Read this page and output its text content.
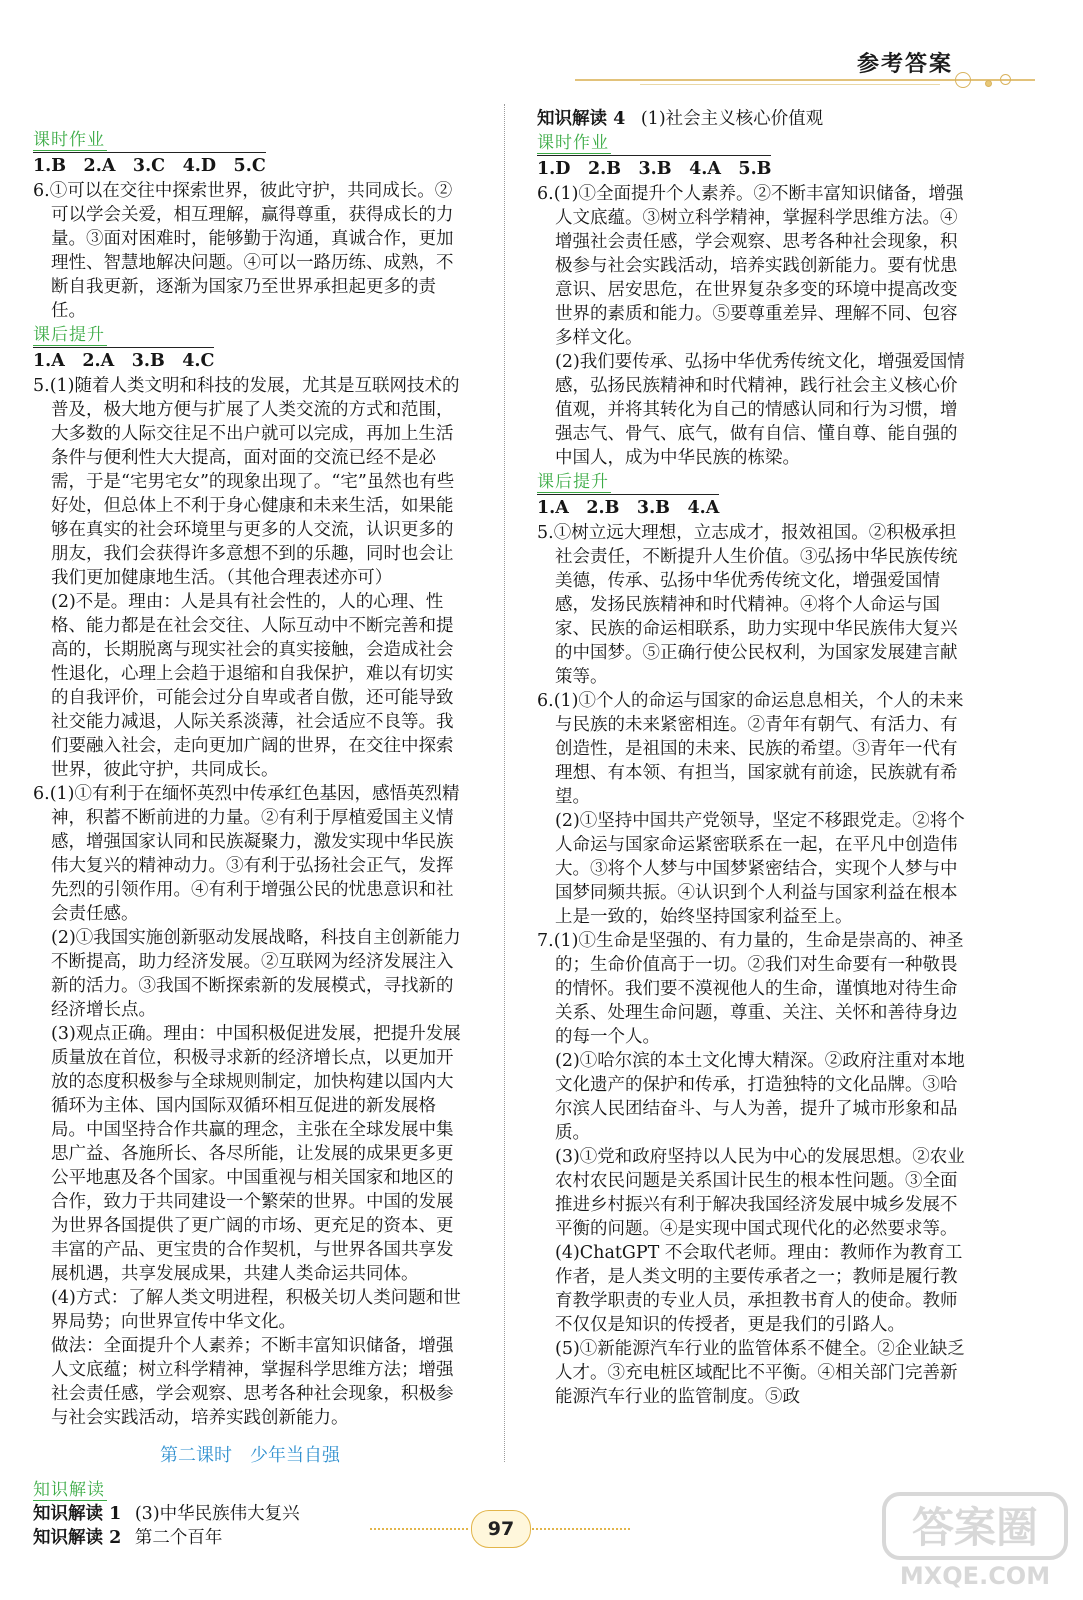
参考答案
课时作业
1.B　2.A　3.C　4.D　5.C

6.①可以在交往中探索世界，彼此守护，共同成长。②可以学会关爱，相互理解，赢得尊重，获得成长的力量。③面对困难时，能够勤于沟通，真诚合作，更加理性、智慧地解决问题。④可以一路历练、成熟，不断自我更新，逐渐为国家乃至世界承担起更多的责任。

课后提升
1.A　2.A　3.B　4.C

5.(1)随着人类文明和科技的发展，尤其是互联网技术的普及，极大地方便与扩展了人类交流的方式和范围，大多数的人际交往足不出户就可以完成，再加上生活条件与便利性大大提高，面对面的交流已经不是必需，于是“宅男宅女”的现象出现了。“宅”虽然也有些好处，但总体上不利于身心健康和未来生活，如果能够在真实的社会环境里与更多的人交流，认识更多的朋友，我们会获得许多意想不到的乐趣，同时也会让我们更加健康地生活。（其他合理表述亦可）

(2)不是。理由：人是具有社会性的，人的心理、性格、能力都是在社会交往、人际互动中不断完善和提高的，长期脱离与现实社会的真实接触，会造成社会性退化，心理上会趋于退缩和自我保护，难以有切实的自我评价，可能会过分自卑或者自傲，还可能导致社交能力减退，人际关系淡薄，社会适应不良等。我们要融入社会，走向更加广阔的世界，在交往中探索世界，彼此守护，共同成长。

6.(1)①有利于在缅怀英烈中传承红色基因，感悟英烈精神，积蓄不断前进的力量。②有利于厚植爱国主义情感，增强国家认同和民族凝聚力，激发实现中华民族伟大复兴的精神动力。③有利于弘扬社会正气，发挥先烈的引领作用。④有利于增强公民的忧患意识和社会责任感。

(2)①我国实施创新驱动发展战略，科技自主创新能力不断提高，助力经济发展。②互联网为经济发展注入新的活力。③我国不断探索新的发展模式，寻找新的经济增长点。

(3)观点正确。理由：中国积极促进发展，把提升发展质量放在首位，积极寻求新的经济增长点，以更加开放的态度积极参与全球规则制定，加快构建以国内大循环为主体、国内国际双循环相互促进的新发展格局。中国坚持合作共赢的理念，主张在全球发展中集思广益、各施所长、各尽所能，让发展的成果更多更公平地惠及各个国家。中国重视与相关国家和地区的合作，致力于共同建设一个繁荣的世界。中国的发展为世界各国提供了更广阔的市场、更充足的资本、更丰富的产品、更宝贵的合作契机，与世界各国共享发展机遇，共享发展成果，共建人类命运共同体。

(4)方式：了解人类文明进程，积极关切人类问题和世界局势；向世界宣传中华文化。

做法：全面提升个人素养；不断丰富知识储备，增强人文底蕴；树立科学精神，掌握科学思维方法；增强社会责任感，学会观察、思考各种社会现象，积极参与社会实践活动，培养实践创新能力。

第二课时　少年当自强
知识解读
知识解读 1 (3)中华民族伟大复兴
知识解读 2 第二个百年
知识解读 4 (1)社会主义核心价值观
课时作业
1.D　2.B　3.B　4.A　5.B

6.(1)①全面提升个人素养。②不断丰富知识储备，增强人文底蕴。③树立科学精神，掌握科学思维方法。④增强社会责任感，学会观察、思考各种社会现象，积极参与社会实践活动，培养实践创新能力。要有忧患意识、居安思危，在世界复杂多变的环境中提高改变世界的素质和能力。⑤要尊重差异、理解不同、包容多样文化。

(2)我们要传承、弘扬中华优秀传统文化，增强爱国情感，弘扬民族精神和时代精神，践行社会主义核心价值观，并将其转化为自己的情感认同和行为习惯，增强志气、骨气、底气，做有自信、懂自尊、能自强的中国人，成为中华民族的栋梁。

课后提升
1.A　2.B　3.B　4.A

5.①树立远大理想，立志成才，报效祖国。②积极承担社会责任，不断提升人生价值。③弘扬中华民族传统美德，传承、弘扬中华优秀传统文化，增强爱国情感，发扬民族精神和时代精神。④将个人命运与国家、民族的命运相联系，助力实现中华民族伟大复兴的中国梦。⑤正确行使公民权利，为国家发展建言献策等。

6.(1)①个人的命运与国家的命运息息相关，个人的未来与民族的未来紧密相连。②青年有朝气、有活力、有创造性，是祖国的未来、民族的希望。③青年一代有理想、有本领、有担当，国家就有前途，民族就有希望。

(2)①坚持中国共产党领导，坚定不移跟党走。②将个人命运与国家命运紧密联系在一起，在平凡中创造伟大。③将个人梦与中国梦紧密结合，实现个人梦与中国梦同频共振。④认识到个人利益与国家利益在根本上是一致的，始终坚持国家利益至上。

7.(1)①生命是坚强的、有力量的，生命是崇高的、神圣的；生命价值高于一切。②我们对生命要有一种敬畏的情怀。我们要不漠视他人的生命，谨慎地对待生命关系、处理生命问题，尊重、关注、关怀和善待身边的每一个人。

(2)①哈尔滨的本土文化博大精深。②政府注重对本地文化遗产的保护和传承，打造独特的文化品牌。③哈尔滨人民团结奋斗、与人为善，提升了城市形象和品质。

(3)①党和政府坚持以人民为中心的发展思想。②农业农村农民问题是关系国计民生的根本性问题。③全面推进乡村振兴有利于解决我国经济发展中城乡发展不平衡的问题。④是实现中国式现代化的必然要求等。

(4)ChatGPT 不会取代老师。理由：教师作为教育工作者，是人类文明的主要传承者之一；教师是履行教育教学职责的专业人员，承担教书育人的使命。教师不仅仅是知识的传授者，更是我们的引路人。

(5)①新能源汽车行业的监管体系不健全。②企业缺乏人才。③充电桩区域配比不平衡。④相关部门完善新能源汽车行业的监管制度。⑤政

97	答案圈
MXQE.COM
